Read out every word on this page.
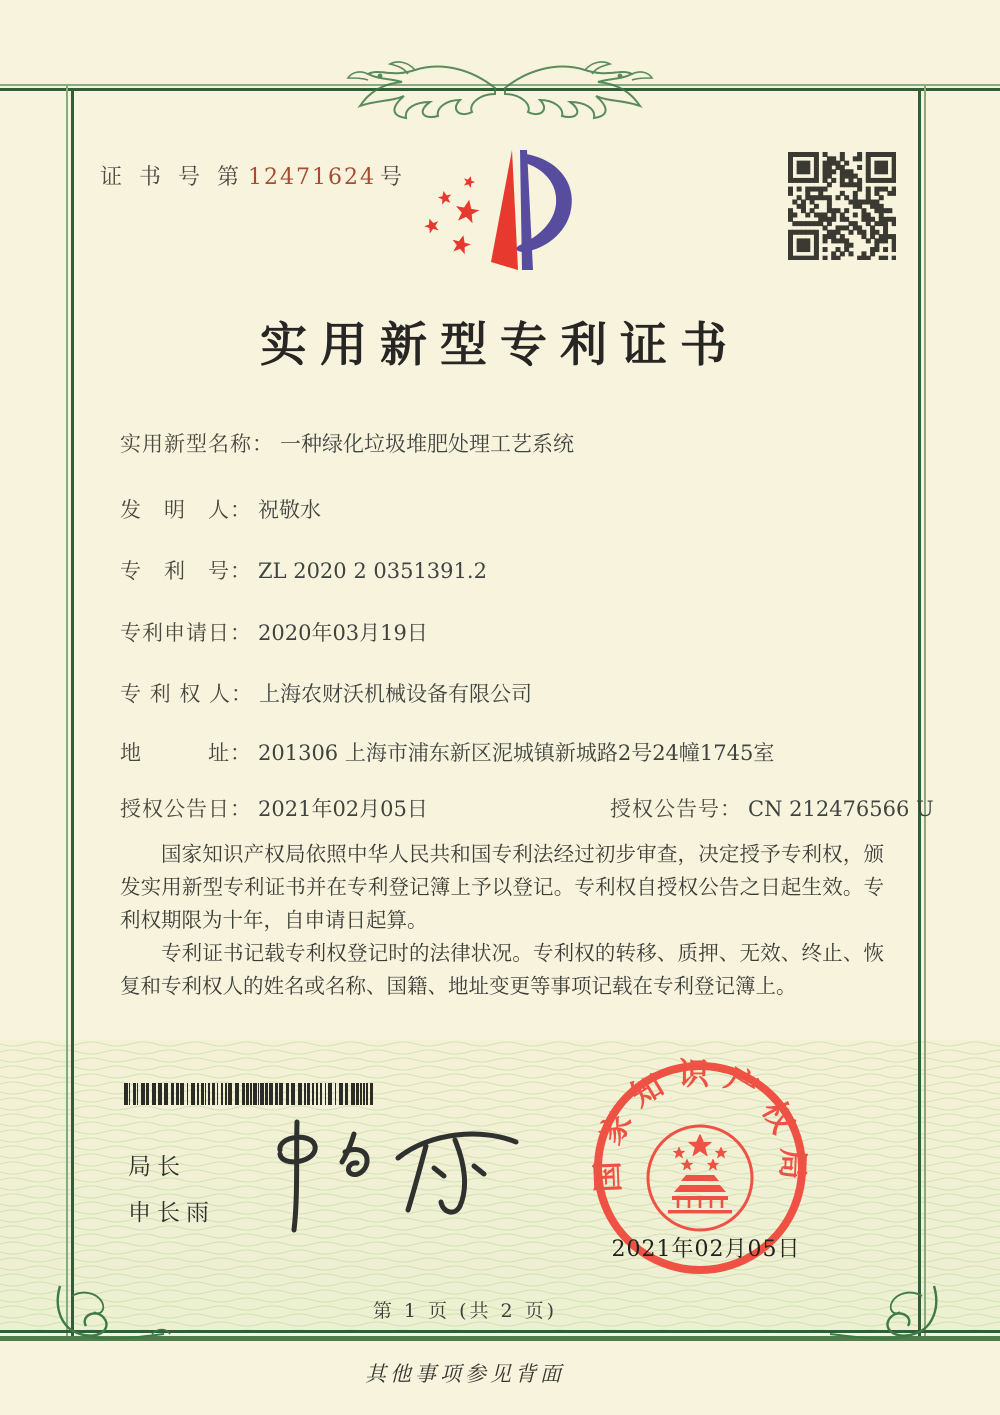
证 书 号 第 12471624 号
实用新型专利证书
实用新型名称： 一种绿化垃圾堆肥处理工艺系统
发　明　人： 祝敬水
专　利　号： ZL 2020 2 0351391.2
专利申请日： 2020年03月19日
专 利 权 人： 上海农财沃机械设备有限公司
地　　　址： 201306 上海市浦东新区泥城镇新城路2号24幢1745室
授权公告日： 2021年02月05日	授权公告号： CN 212476566 U

国家知识产权局依照中华人民共和国专利法经过初步审查，决定授予专利权，颁发实用新型专利证书并在专利登记簿上予以登记。专利权自授权公告之日起生效。专利权期限为十年，自申请日起算。

专利证书记载专利权登记时的法律状况。专利权的转移、质押、无效、终止、恢复和专利权人的姓名或名称、国籍、地址变更等事项记载在专利登记簿上。

局长
申长雨
国家知识产权局
2021年02月05日
第 1 页 (共 2 页)
其他事项参见背面
